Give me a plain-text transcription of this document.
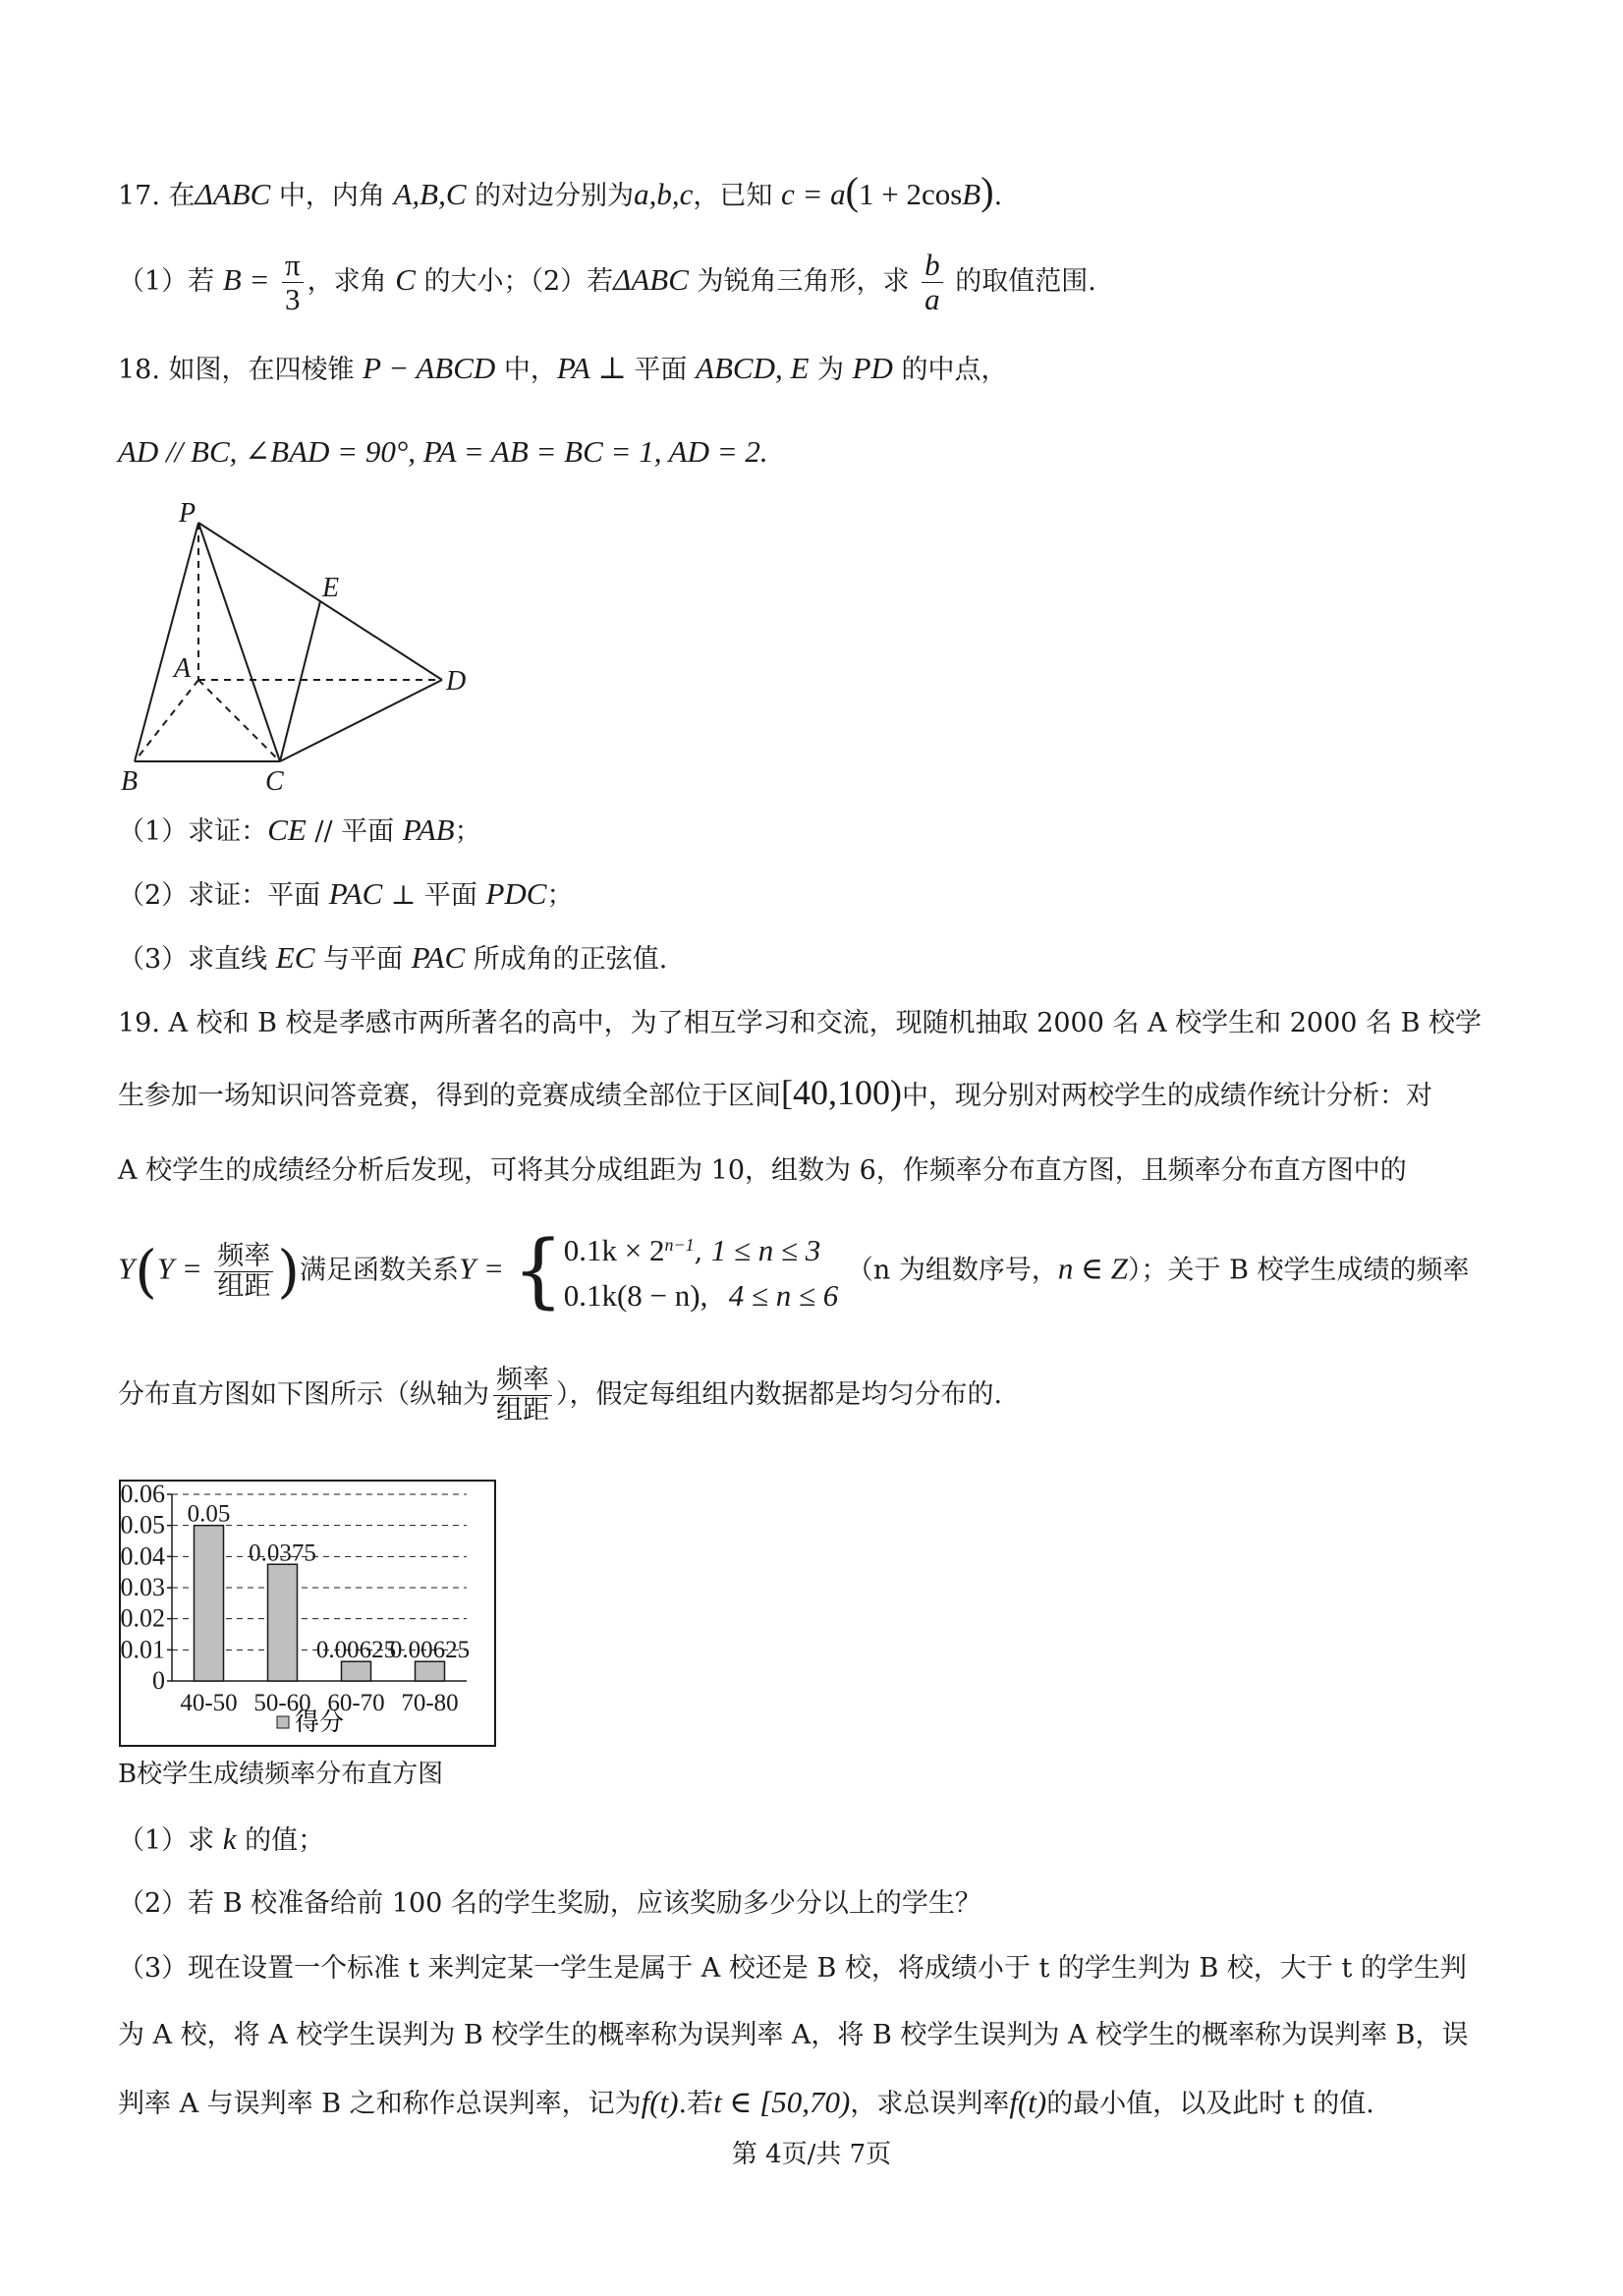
17. 在ΔABC 中，内角 A,B,C 的对边分别为a,b,c，已知 c = a(1 + 2cosB).
（1）若 $B = \frac{\pi}{3}$ ，求角 C 的大小；（2）若ΔABC 为锐角三角形，求 $\frac{b}{a}$ 的取值范围.
18. 如图，在四棱锥 P − ABCD 中，PA ⊥ 平面 ABCD, E 为 PD 的中点，
AD // BC, ∠BAD = 90°, PA = AB = BC = 1, AD = 2.
P
E
A	D
B	C
（1）求证：CE // 平面 PAB；
（2）求证：平面 PAC ⊥ 平面 PDC；
（3）求直线 EC 与平面 PAC 所成角的正弦值.
19. A 校和 B 校是孝感市两所著名的高中，为了相互学习和交流，现随机抽取 2000 名 A 校学生和 2000 名 B 校学
生参加一场知识问答竞赛，得到的竞赛成绩全部位于区间[40,100)中，现分别对两校学生的成绩作统计分析：对
A 校学生的成绩经分析后发现，可将其分成组距为 10，组数为 6，作频率分布直方图，且频率分布直方图中的
$Y(Y = \frac{\text{频率}}{\text{组距}}$ )满足函数关系Y = { $0.1k \times 2^{n-1}$, 1 ≤ n ≤ 3
0.1k(8 − n), 4 ≤ n ≤ 6
（n 为组数序号，n ∈ Z）；关于 B 校学生成绩的频率
分布直方图如下图所示（纵轴为 $\frac{\text{频率}}{\text{组距}}$ ），假定每组组内数据都是均匀分布的.
0
0.01
0.02
0.03
0.04
0.05
0.06
0.05
40-50
0.0375
50-60
0.00625
60-70
0.00625
70-80
得分
B校学生成绩频率分布直方图
（1）求 k 的值；
（2）若 B 校准备给前 100 名的学生奖励，应该奖励多少分以上的学生？
（3）现在设置一个标准 t 来判定某一学生是属于 A 校还是 B 校，将成绩小于 t 的学生判为 B 校，大于 t 的学生判
为 A 校，将 A 校学生误判为 B 校学生的概率称为误判率 A，将 B 校学生误判为 A 校学生的概率称为误判率 B，误
判率 A 与误判率 B 之和称作总误判率，记为f(t).若t ∈ [50,70)，求总误判率f(t)的最小值，以及此时 t 的值.
第 4页/共 7页
